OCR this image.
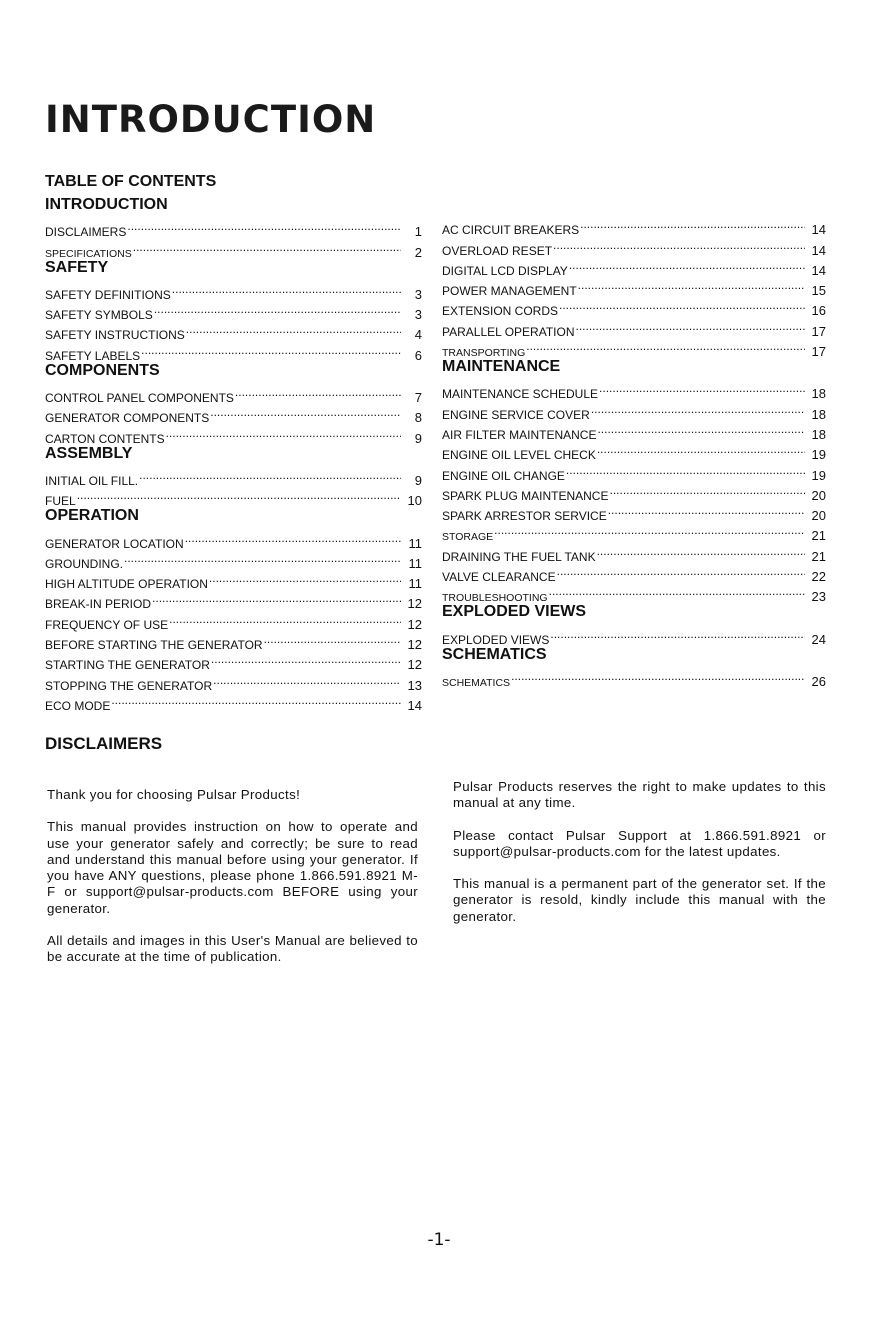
INTRODUCTION
TABLE OF CONTENTS
INTRODUCTION
DISCLAIMERS .....	1
SPECIFICATIONS .....	2
SAFETY
SAFETY DEFINITIONS .....	3
SAFETY SYMBOLS .....	3
SAFETY INSTRUCTIONS .....	4
SAFETY LABELS .....	6
COMPONENTS
CONTROL PANEL COMPONENTS .....	7
GENERATOR COMPONENTS .....	8
CARTON CONTENTS .....	9
ASSEMBLY
INITIAL OIL FILL. .....	9
FUEL .....	10
OPERATION
GENERATOR LOCATION .....	11
GROUNDING. .....	11
HIGH ALTITUDE OPERATION .....	11
BREAK-IN PERIOD .....	12
FREQUENCY OF USE .....	12
BEFORE STARTING THE GENERATOR .....	12
STARTING THE GENERATOR .....	12
STOPPING THE GENERATOR .....	13
ECO MODE .....	14
AC CIRCUIT BREAKERS .....	14
OVERLOAD RESET .....	14
DIGITAL LCD DISPLAY .....	14
POWER MANAGEMENT .....	15
EXTENSION CORDS .....	16
PARALLEL OPERATION .....	17
TRANSPORTING .....	17
MAINTENANCE
MAINTENANCE SCHEDULE .....	18
ENGINE SERVICE COVER .....	18
AIR FILTER MAINTENANCE .....	18
ENGINE OIL LEVEL CHECK .....	19
ENGINE OIL CHANGE .....	19
SPARK PLUG MAINTENANCE .....	20
SPARK ARRESTOR SERVICE .....	20
STORAGE .....	21
DRAINING THE FUEL TANK .....	21
VALVE CLEARANCE .....	22
TROUBLESHOOTING .....	23
EXPLODED VIEWS
EXPLODED VIEWS .....	24
SCHEMATICS
SCHEMATICS .....	26
DISCLAIMERS

Thank you for choosing Pulsar Products!

This manual provides instruction on how to operate and use your generator safely and correctly; be sure to read and understand this manual before using your generator. If you have ANY questions, please phone 1.866.591.8921 M-F or support@pulsar-products.com BEFORE using your generator.

All details and images in this User's Manual are believed to be accurate at the time of publication.

Pulsar Products reserves the right to make updates to this manual at any time.

Please contact Pulsar Support at 1.866.591.8921 or support@pulsar-products.com for the latest updates.

This manual is a permanent part of the generator set. If the generator is resold, kindly include this manual with the generator.

-1-
